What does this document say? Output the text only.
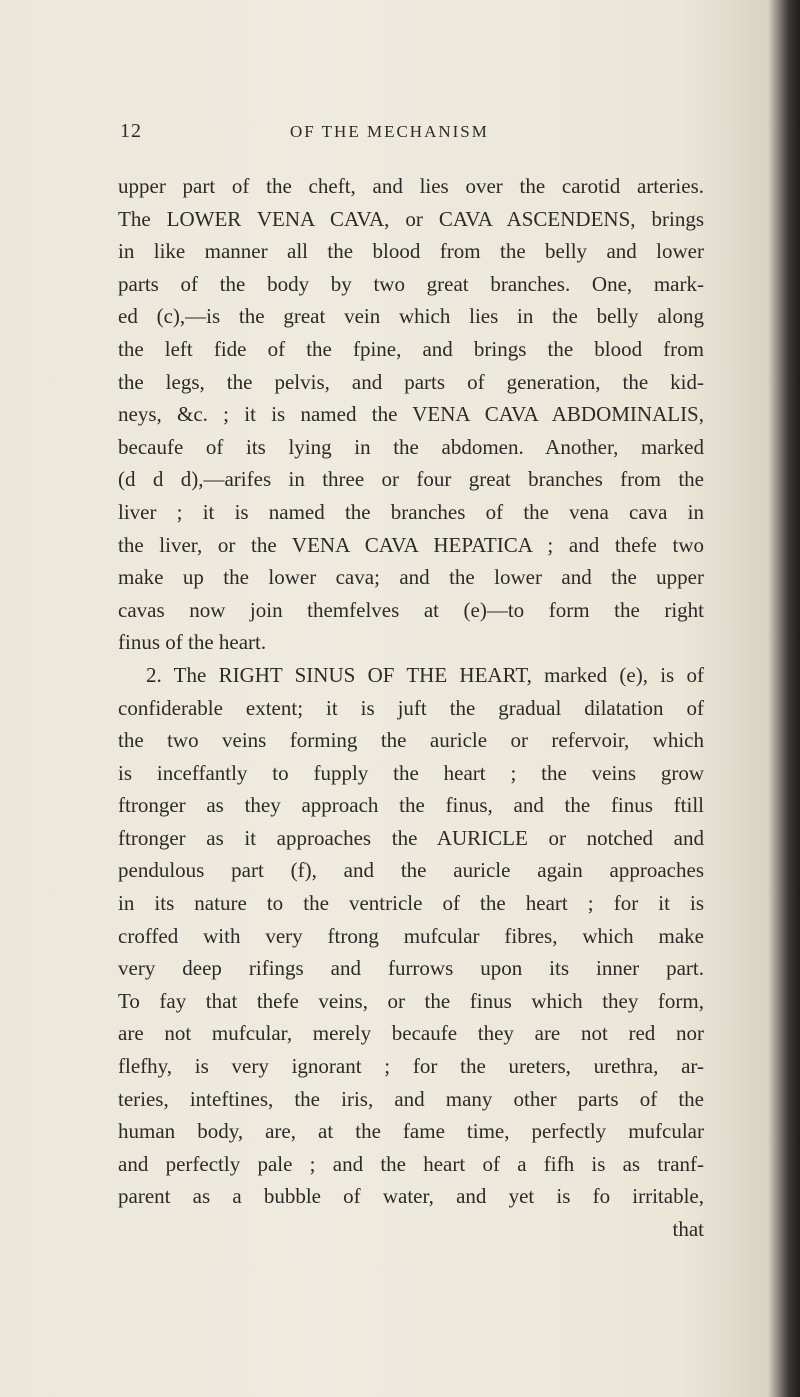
12	OF THE MECHANISM
upper part of the cheft, and lies over the carotid arteries.
The LOWER VENA CAVA, or CAVA ASCENDENS, brings
in like manner all the blood from the belly and lower
parts of the body by two great branches. One, mark-
ed (c),—is the great vein which lies in the belly along
the left fide of the fpine, and brings the blood from
the legs, the pelvis, and parts of generation, the kid-
neys, &c. ; it is named the VENA CAVA ABDOMINALIS,
becaufe of its lying in the abdomen. Another, marked
(d d d),—arifes in three or four great branches from the
liver ; it is named the branches of the vena cava in
the liver, or the VENA CAVA HEPATICA ; and thefe two
make up the lower cava; and the lower and the upper
cavas now join themfelves at (e)—to form the right
finus of the heart.
2. The RIGHT SINUS OF THE HEART, marked (e), is of
confiderable extent; it is juft the gradual dilatation of
the two veins forming the auricle or refervoir, which
is inceffantly to fupply the heart ; the veins grow
ftronger as they approach the finus, and the finus ftill
ftronger as it approaches the AURICLE or notched and
pendulous part (f), and the auricle again approaches
in its nature to the ventricle of the heart ; for it is
croffed with very ftrong mufcular fibres, which make
very deep rifings and furrows upon its inner part.
To fay that thefe veins, or the finus which they form,
are not mufcular, merely becaufe they are not red nor
flefhy, is very ignorant ; for the ureters, urethra, ar-
teries, inteftines, the iris, and many other parts of the
human body, are, at the fame time, perfectly mufcular
and perfectly pale ; and the heart of a fifh is as tranf-
parent as a bubble of water, and yet is fo irritable,
that
